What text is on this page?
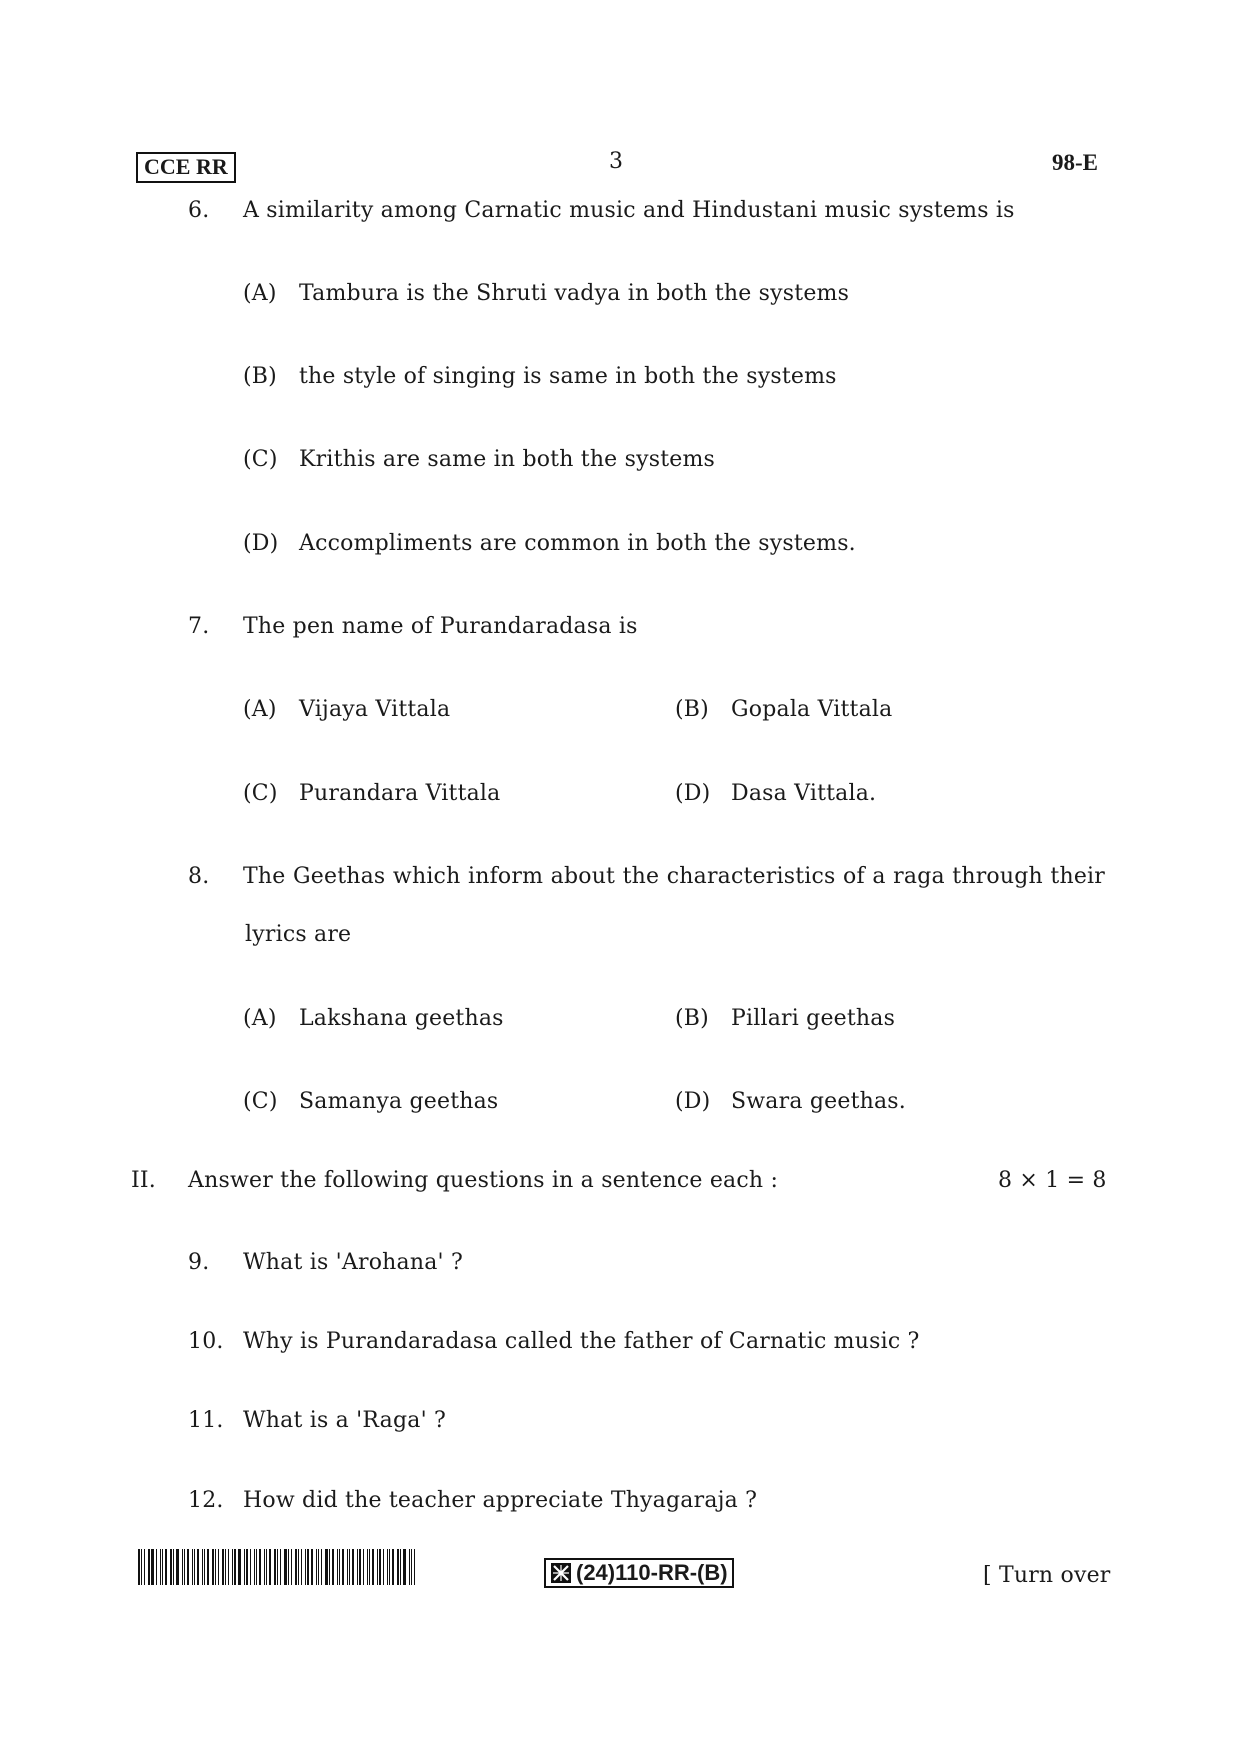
CCE RR	3	98-E
6. A similarity among Carnatic music and Hindustani music systems is
(A) Tambura is the Shruti vadya in both the systems
(B) the style of singing is same in both the systems
(C) Krithis are same in both the systems
(D) Accompliments are common in both the systems.
7. The pen name of Purandaradasa is
(A) Vijaya Vittala	(B) Gopala Vittala
(C) Purandara Vittala	(D) Dasa Vittala.
8. The Geethas which inform about the characteristics of a raga through their
lyrics are
(A) Lakshana geethas	(B) Pillari geethas
(C) Samanya geethas	(D) Swara geethas.
II. Answer the following questions in a sentence each :	8 × 1 = 8
9. What is 'Arohana' ?
10. Why is Purandaradasa called the father of Carnatic music ?
11. What is a 'Raga' ?
12. How did the teacher appreciate Thyagaraja ?
(24)110-RR-(B)	[ Turn over
